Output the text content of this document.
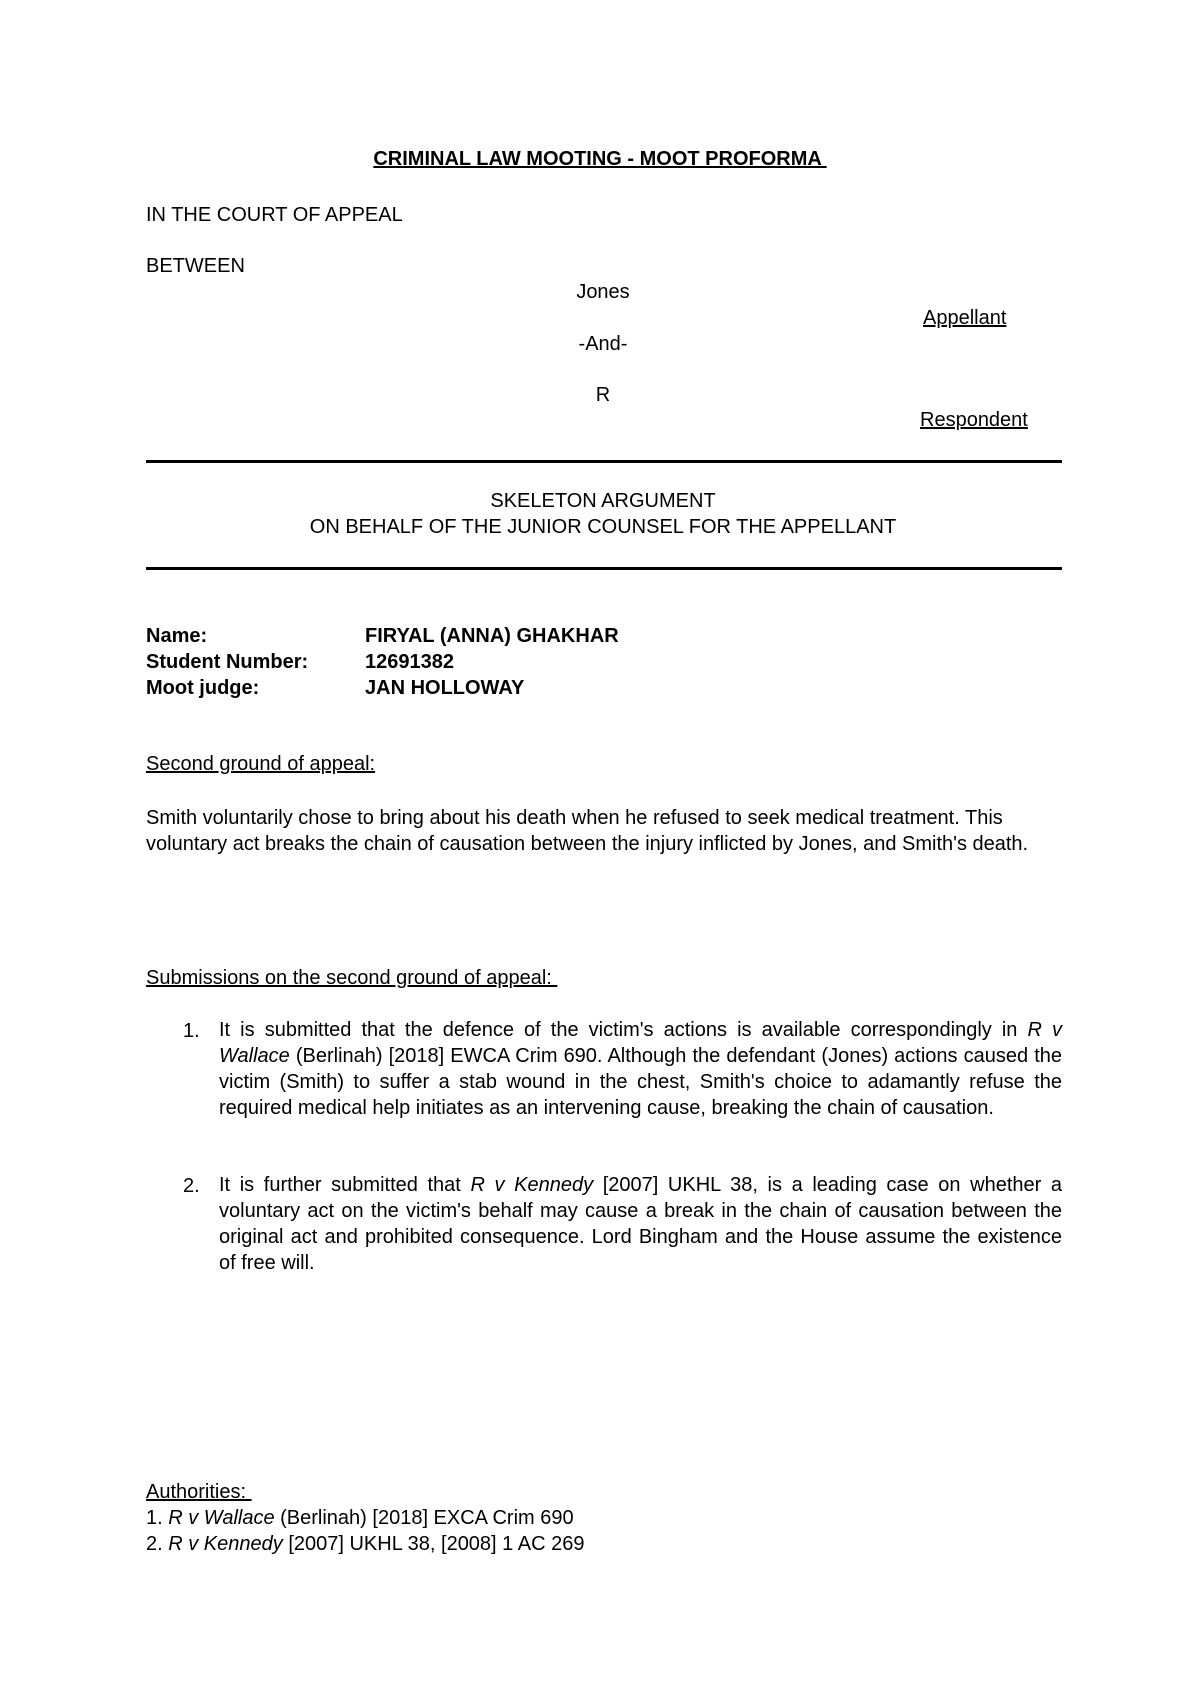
CRIMINAL LAW MOOTING - MOOT PROFORMA
IN THE COURT OF APPEAL
BETWEEN
Jones
Appellant
-And-
R
Respondent
SKELETON ARGUMENT
ON BEHALF OF THE JUNIOR COUNSEL FOR THE APPELLANT
Name:	FIRYAL (ANNA) GHAKHAR
Student Number:	12691382
Moot judge:	JAN HOLLOWAY
Second ground of appeal:
Smith voluntarily chose to bring about his death when he refused to seek medical treatment. This voluntary act breaks the chain of causation between the injury inflicted by Jones, and Smith's death.
Submissions on the second ground of appeal:
1. It is submitted that the defence of the victim's actions is available correspondingly in R v Wallace (Berlinah) [2018] EWCA Crim 690. Although the defendant (Jones) actions caused the victim (Smith) to suffer a stab wound in the chest, Smith's choice to adamantly refuse the required medical help initiates as an intervening cause, breaking the chain of causation.
2. It is further submitted that R v Kennedy [2007] UKHL 38, is a leading case on whether a voluntary act on the victim's behalf may cause a break in the chain of causation between the original act and prohibited consequence. Lord Bingham and the House assume the existence of free will.
Authorities:
1. R v Wallace (Berlinah) [2018] EXCA Crim 690
2. R v Kennedy [2007] UKHL 38, [2008] 1 AC 269
